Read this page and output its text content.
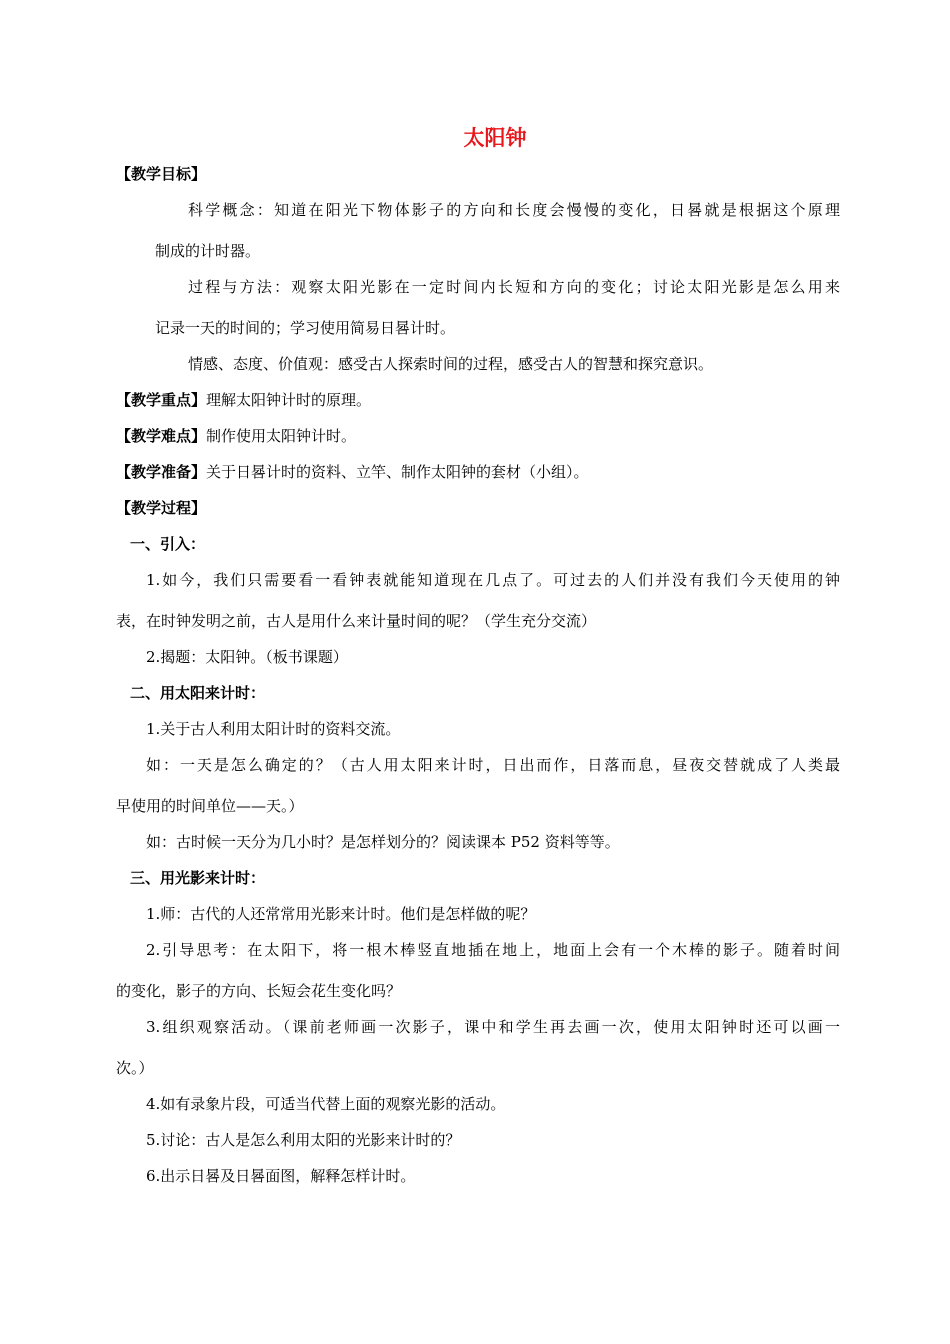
太阳钟
【教学目标】
科学概念：知道在阳光下物体影子的方向和长度会慢慢的变化，日晷就是根据这个原理
制成的计时器。
过程与方法：观察太阳光影在一定时间内长短和方向的变化；讨论太阳光影是怎么用来
记录一天的时间的；学习使用简易日晷计时。
情感、态度、价值观：感受古人探索时间的过程，感受古人的智慧和探究意识。
【教学重点】理解太阳钟计时的原理。
【教学难点】制作使用太阳钟计时。
【教学准备】关于日晷计时的资料、立竿、制作太阳钟的套材（小组）。
【教学过程】
一、引入：
1.如今，我们只需要看一看钟表就能知道现在几点了。可过去的人们并没有我们今天使用的钟
表，在时钟发明之前，古人是用什么来计量时间的呢？（学生充分交流）
2.揭题：太阳钟。（板书课题）
二、用太阳来计时：
1.关于古人利用太阳计时的资料交流。
如：一天是怎么确定的？（古人用太阳来计时，日出而作，日落而息，昼夜交替就成了人类最
早使用的时间单位——天。）
如：古时候一天分为几小时？是怎样划分的？阅读课本 P52 资料等等。
三、用光影来计时：
1.师：古代的人还常常用光影来计时。他们是怎样做的呢？
2.引导思考：在太阳下，将一根木棒竖直地插在地上，地面上会有一个木棒的影子。随着时间
的变化，影子的方向、长短会花生变化吗？
3.组织观察活动。（课前老师画一次影子，课中和学生再去画一次，使用太阳钟时还可以画一
次。）
4.如有录象片段，可适当代替上面的观察光影的活动。
5.讨论：古人是怎么利用太阳的光影来计时的？
6.出示日晷及日晷面图，解释怎样计时。
